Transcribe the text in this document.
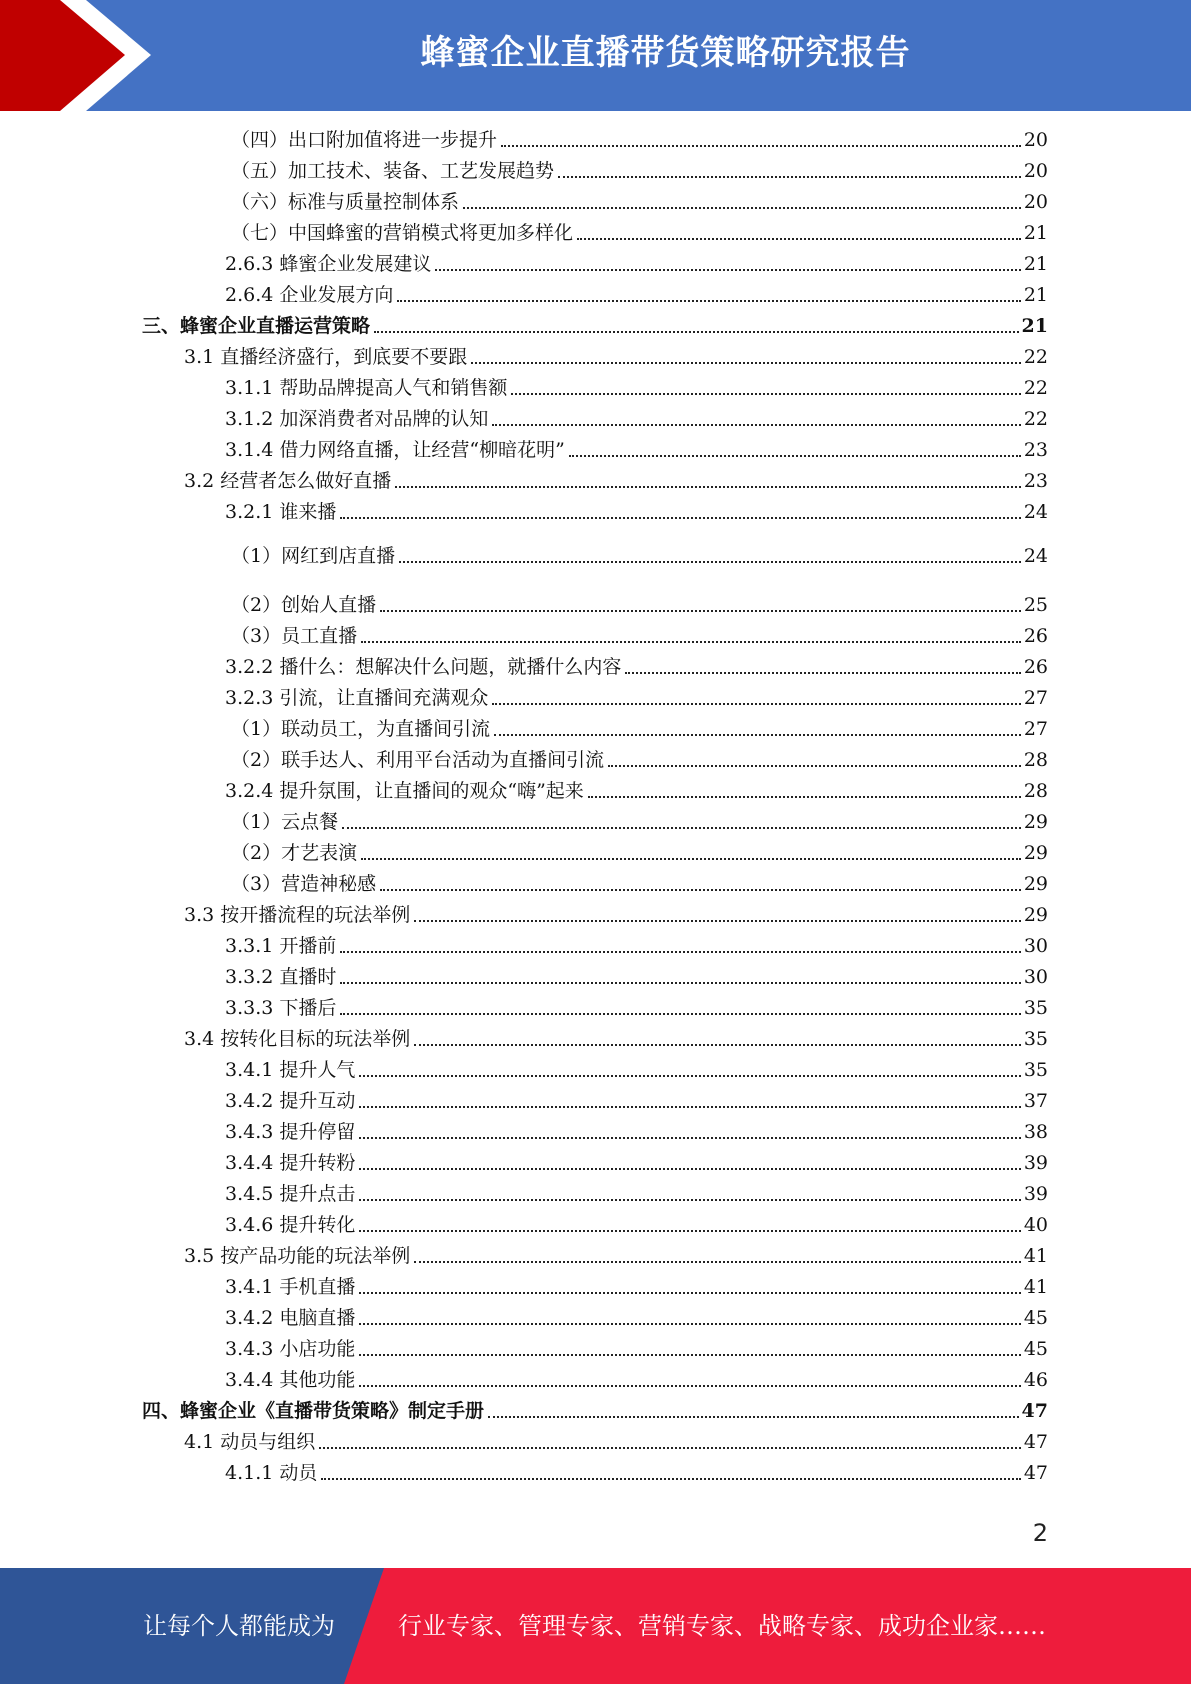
蜂蜜企业直播带货策略研究报告
（四）出口附加值将进一步提升	20
（五）加工技术、装备、工艺发展趋势	20
（六）标准与质量控制体系	20
（七）中国蜂蜜的营销模式将更加多样化	21
2.6.3 蜂蜜企业发展建议	21
2.6.4 企业发展方向	21
三、蜂蜜企业直播运营策略	21
3.1 直播经济盛行，到底要不要跟	22
3.1.1 帮助品牌提高人气和销售额	22
3.1.2 加深消费者对品牌的认知	22
3.1.4 借力网络直播，让经营“柳暗花明”	23
3.2 经营者怎么做好直播	23
3.2.1 谁来播	24
（1）网红到店直播	24
（2）创始人直播	25
（3）员工直播	26
3.2.2 播什么：想解决什么问题，就播什么内容	26
3.2.3 引流，让直播间充满观众	27
（1）联动员工，为直播间引流	27
（2）联手达人、利用平台活动为直播间引流	28
3.2.4 提升氛围，让直播间的观众“嗨”起来	28
（1）云点餐	29
（2）才艺表演	29
（3）营造神秘感	29
3.3 按开播流程的玩法举例	29
3.3.1 开播前	30
3.3.2 直播时	30
3.3.3 下播后	35
3.4 按转化目标的玩法举例	35
3.4.1 提升人气	35
3.4.2 提升互动	37
3.4.3 提升停留	38
3.4.4 提升转粉	39
3.4.5 提升点击	39
3.4.6 提升转化	40
3.5 按产品功能的玩法举例	41
3.4.1 手机直播	41
3.4.2 电脑直播	45
3.4.3 小店功能	45
3.4.4 其他功能	46
四、蜂蜜企业《直播带货策略》制定手册	47
4.1 动员与组织	47
4.1.1 动员	47
2
让每个人都能成为	行业专家、管理专家、营销专家、战略专家、成功企业家……
